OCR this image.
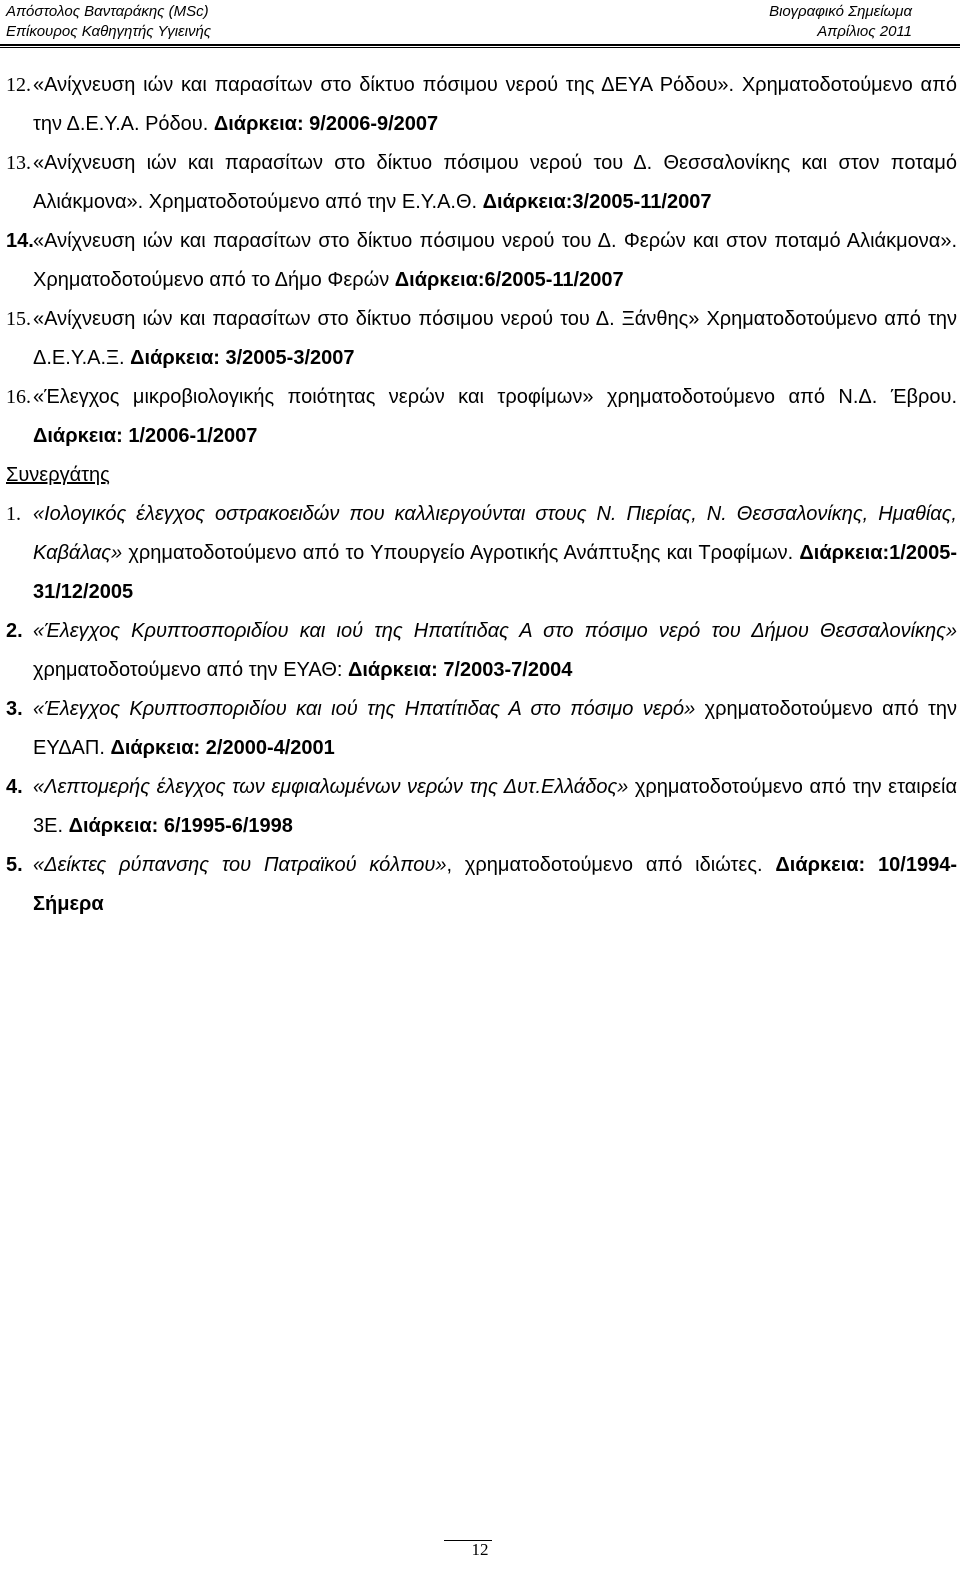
Απόστολος Βανταράκης (MSc)
Επίκουρος Καθηγητής Υγιεινής
Βιογραφικό Σημείωμα
Απρίλιος 2011
12. «Ανίχνευση ιών και παρασίτων στο δίκτυο πόσιμου νερού της ΔΕΥΑ Ρόδου». Χρηματοδοτούμενο από την Δ.Ε.Υ.Α. Ρόδου. Διάρκεια: 9/2006-9/2007
13. «Ανίχνευση ιών και παρασίτων στο δίκτυο πόσιμου νερού του Δ. Θεσσαλονίκης και στον ποταμό Αλιάκμονα». Χρηματοδοτούμενο από την Ε.Υ.Α.Θ. Διάρκεια:3/2005-11/2007
14. «Ανίχνευση ιών και παρασίτων στο δίκτυο πόσιμου νερού του Δ. Φερών και στον ποταμό Αλιάκμονα». Χρηματοδοτούμενο από το Δήμο Φερών Διάρκεια:6/2005-11/2007
15. «Ανίχνευση ιών και παρασίτων στο δίκτυο πόσιμου νερού του Δ. Ξάνθης» Χρηματοδοτούμενο από την Δ.Ε.Υ.Α.Ξ. Διάρκεια: 3/2005-3/2007
16. «Έλεγχος μικροβιολογικής ποιότητας νερών και τροφίμων» χρηματοδοτούμενο από Ν.Δ. Έβρου. Διάρκεια: 1/2006-1/2007
Συνεργάτης
1. «Ιολογικός έλεγχος οστρακοειδών που καλλιεργούνται στους Ν. Πιερίας, Ν. Θεσσαλονίκης, Ημαθίας, Καβάλας» χρηματοδοτούμενο από το Υπουργείο Αγροτικής Ανάπτυξης και Τροφίμων. Διάρκεια:1/2005-31/12/2005
2. «Έλεγχος Κρυπτοσποριδίου και ιού της Ηπατίτιδας Α στο πόσιμο νερό του Δήμου Θεσσαλονίκης» χρηματοδοτούμενο από την ΕΥΑΘ: Διάρκεια: 7/2003-7/2004
3. «Έλεγχος Κρυπτοσποριδίου και ιού της Ηπατίτιδας Α στο πόσιμο νερό» χρηματοδοτούμενο από την ΕΥΔΑΠ. Διάρκεια: 2/2000-4/2001
4. «Λεπτομερής έλεγχος των εμφιαλωμένων νερών της Δυτ.Ελλάδος» χρηματοδοτούμενο από την εταιρεία 3Ε. Διάρκεια: 6/1995-6/1998
5. «Δείκτες ρύπανσης του Πατραϊκού κόλπου», χρηματοδοτούμενο από ιδιώτες. Διάρκεια: 10/1994-Σήμερα
12
